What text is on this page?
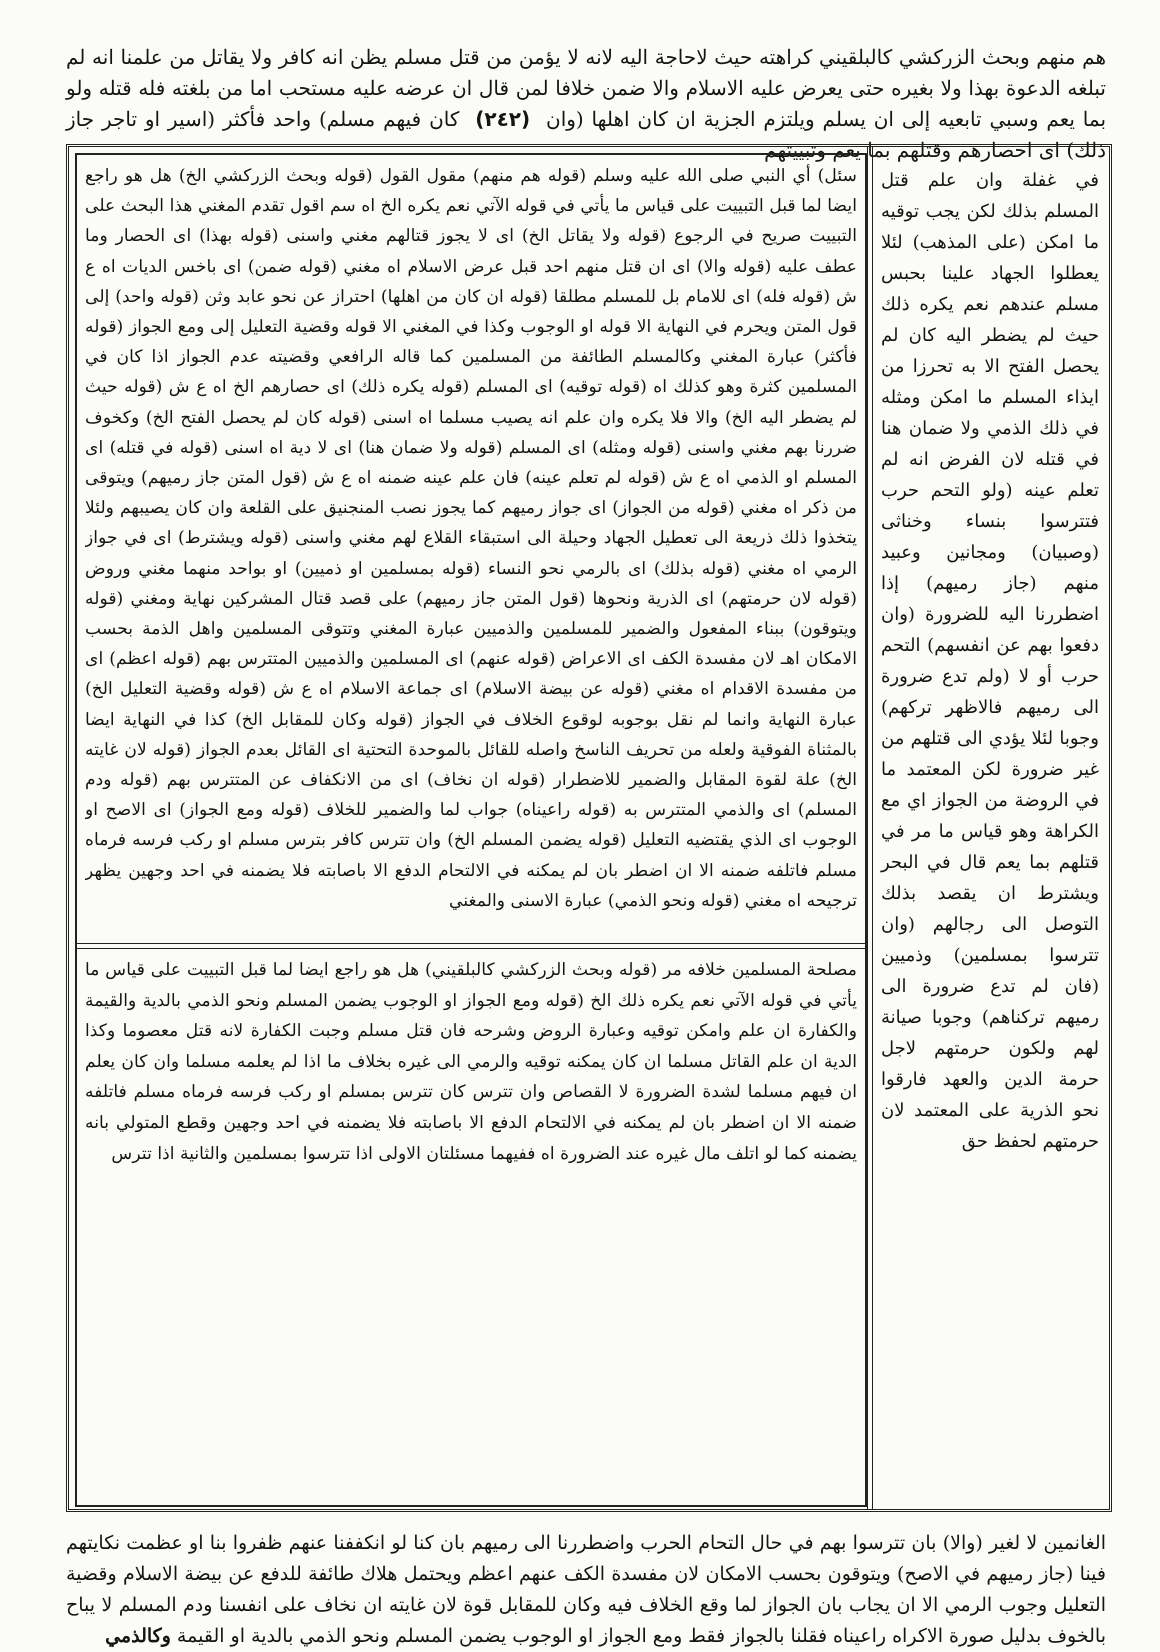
هم منهم وبحث الزركشي كالبلقيني كراهته حيث لاحاجة اليه لانه لا يؤمن من قتل مسلم يظن انه كافر ولا يقاتل من علمنا انه لم تبلغه الدعوة بهذا ولا بغيره حتى يعرض عليه الاسلام والا ضمن خلافا لمن قال ان عرضه عليه مستحب اما من بلغته فله قتله ولو بما يعم وسبي تابعيه إلى ان يسلم ويلتزم الجزية ان كان اهلها (وان (٢٤٢) كان فيهم مسلم) واحد فأكثر (اسير او تاجر جاز ذلك) اى احصارهم وقتلهم بما يعم وتبييتهم

في غفلة وان علم قتل المسلم بذلك لكن يجب توقيه ما امكن (على المذهب) لئلا يعطلوا الجهاد علينا بحبس مسلم عندهم نعم يكره ذلك حيث لم يضطر اليه كان لم يحصل الفتح الا به تحرزا من ايذاء المسلم ما امكن ومثله في ذلك الذمي ولا ضمان هنا في قتله لان الفرض انه لم تعلم عينه (ولو التحم حرب فتترسوا بنساء وخناثى (وصبيان) ومجانين وعبيد منهم (جاز رميهم) إذا اضطررنا اليه للضرورة (وان دفعوا بهم عن انفسهم) التحم حرب أو لا (ولم تدع ضرورة الى رميهم فالاظهر تركهم) وجوبا لئلا يؤدي الى قتلهم من غير ضرورة لكن المعتمد ما في الروضة من الجواز اي مع الكراهة وهو قياس ما مر في قتلهم بما يعم قال في البحر ويشترط ان يقصد بذلك التوصل الى رجالهم (وان تترسوا بمسلمين) وذميين (فان لم تدع ضرورة الى رميهم تركناهم) وجوبا صيانة لهم ولكون حرمتهم لاجل حرمة الدين والعهد فارقوا نحو الذرية على المعتمد لان حرمتهم لحفظ حق

سئل) أي النبي صلى الله عليه وسلم (قوله هم منهم) مقول القول (قوله وبحث الزركشي الخ) هل هو راجع ايضا لما قبل التبييت على قياس ما يأتي في قوله الآتي نعم يكره الخ اه سم اقول تقدم المغني هذا البحث على التبييت صريح في الرجوع (قوله ولا يقاتل الخ) اى لا يجوز قتالهم مغني واسنى (قوله بهذا) اى الحصار وما عطف عليه (قوله والا) اى ان قتل منهم احد قبل عرض الاسلام اه مغني (قوله ضمن) اى باخس الديات اه ع ش (قوله فله) اى للامام بل للمسلم مطلقا (قوله ان كان من اهلها) احتراز عن نحو عابد وثن (قوله واحد) إلى قول المتن ويحرم في النهاية الا قوله او الوجوب وكذا في المغني الا قوله وقضية التعليل إلى ومع الجواز (قوله فأكثر) عبارة المغني وكالمسلم الطائفة من المسلمين كما قاله الرافعي وقضيته عدم الجواز اذا كان في المسلمين كثرة وهو كذلك اه (قوله توقيه) اى المسلم (قوله يكره ذلك) اى حصارهم الخ اه ع ش (قوله حيث لم يضطر اليه الخ) والا فلا يكره وان علم انه يصيب مسلما اه اسنى (قوله كان لم يحصل الفتح الخ) وكخوف ضررنا بهم مغني واسنى (قوله ومثله) اى المسلم (قوله ولا ضمان هنا) اى لا دية اه اسنى (قوله في قتله) اى المسلم او الذمي اه ع ش (قوله لم تعلم عينه) فان علم عينه ضمنه اه ع ش (قول المتن جاز رميهم) ويتوقى من ذكر اه مغني (قوله من الجواز) اى جواز رميهم كما يجوز نصب المنجنيق على القلعة وان كان يصيبهم ولئلا يتخذوا ذلك ذريعة الى تعطيل الجهاد وحيلة الى استبقاء القلاع لهم مغني واسنى (قوله ويشترط) اى في جواز الرمي اه مغني (قوله بذلك) اى بالرمي نحو النساء (قوله بمسلمين او ذميين) او بواحد منهما مغني وروض (قوله لان حرمتهم) اى الذرية ونحوها (قول المتن جاز رميهم) على قصد قتال المشركين نهاية ومغني (قوله ويتوقون) ببناء المفعول والضمير للمسلمين والذميين عبارة المغني وتتوقى المسلمين واهل الذمة بحسب الامكان اهـ لان مفسدة الكف اى الاعراض (قوله عنهم) اى المسلمين والذميين المتترس بهم (قوله اعظم) اى من مفسدة الاقدام اه مغني (قوله عن بيضة الاسلام) اى جماعة الاسلام اه ع ش (قوله وقضية التعليل الخ) عبارة النهاية وانما لم نقل بوجوبه لوقوع الخلاف في الجواز (قوله وكان للمقابل الخ) كذا في النهاية ايضا بالمثناة الفوقية ولعله من تحريف الناسخ واصله للقائل بالموحدة التحتية اى القائل بعدم الجواز (قوله لان غايته الخ) علة لقوة المقابل والضمير للاضطرار (قوله ان نخاف) اى من الانكفاف عن المتترس بهم (قوله ودم المسلم) اى والذمي المتترس به (قوله راعيناه) جواب لما والضمير للخلاف (قوله ومع الجواز) اى الاصح او الوجوب اى الذي يقتضيه التعليل (قوله يضمن المسلم الخ) وان تترس كافر بترس مسلم او ركب فرسه فرماه مسلم فاتلفه ضمنه الا ان اضطر بان لم يمكنه في الالتحام الدفع الا باصابته فلا يضمنه في احد وجهين يظهر ترجيحه اه مغني (قوله ونحو الذمي) عبارة الاسنى والمغني

مصلحة المسلمين خلافه مر (قوله وبحث الزركشي كالبلقيني) هل هو راجع ايضا لما قبل التبييت على قياس ما يأتي في قوله الآتي نعم يكره ذلك الخ (قوله ومع الجواز او الوجوب يضمن المسلم ونحو الذمي بالدية والقيمة والكفارة ان علم وامكن توقيه وعبارة الروض وشرحه فان قتل مسلم وجبت الكفارة لانه قتل معصوما وكذا الدية ان علم القاتل مسلما ان كان يمكنه توقيه والرمي الى غيره بخلاف ما اذا لم يعلمه مسلما وان كان يعلم ان فيهم مسلما لشدة الضرورة لا القصاص وان تترس كان تترس بمسلم او ركب فرسه فرماه مسلم فاتلفه ضمنه الا ان اضطر بان لم يمكنه في الالتحام الدفع الا باصابته فلا يضمنه في احد وجهين وقطع المتولي بانه يضمنه كما لو اتلف مال غيره عند الضرورة اه ففيهما مسئلتان الاولى اذا تترسوا بمسلمين والثانية اذا تترس

الغانمين لا لغير (والا) بان تترسوا بهم في حال التحام الحرب واضطررنا الى رميهم بان كنا لو انكففنا عنهم ظفروا بنا او عظمت نكايتهم فينا (جاز رميهم في الاصح) ويتوقون بحسب الامكان لان مفسدة الكف عنهم اعظم ويحتمل هلاك طائفة للدفع عن بيضة الاسلام وقضية التعليل وجوب الرمي الا ان يجاب بان الجواز لما وقع الخلاف فيه وكان للمقابل قوة لان غايته ان نخاف على انفسنا ودم المسلم لا يباح بالخوف بدليل صورة الاكراه راعيناه فقلنا بالجواز فقط ومع الجواز او الوجوب يضمن المسلم ونحو الذمي بالدية او القيمة وكالذمي
